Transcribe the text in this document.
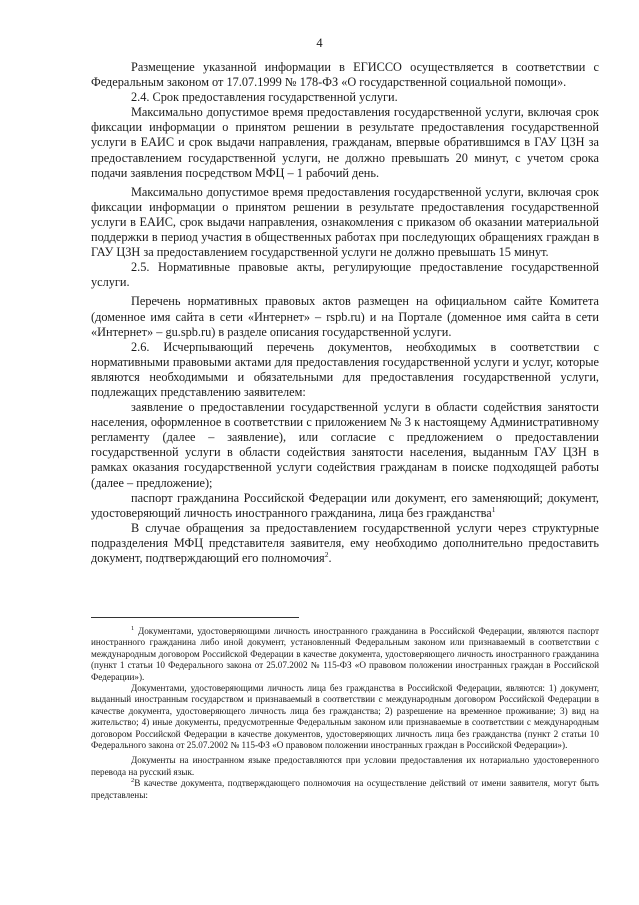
4

Размещение указанной информации в ЕГИССО осуществляется в соответствии с Федеральным законом от 17.07.1999 № 178-ФЗ «О государственной социальной помощи».

2.4. Срок предоставления государственной услуги.

Максимально допустимое время предоставления государственной услуги, включая срок фиксации информации о принятом решении в результате предоставления государственной услуги в ЕАИС и срок выдачи направления, гражданам, впервые обратившимся в ГАУ ЦЗН за предоставлением государственной услуги, не должно превышать 20 минут, с учетом срока подачи заявления посредством МФЦ – 1 рабочий день.

Максимально допустимое время предоставления государственной услуги, включая срок фиксации информации о принятом решении в результате предоставления государственной услуги в ЕАИС, срок выдачи направления, ознакомления с приказом об оказании материальной поддержки в период участия в общественных работах при последующих обращениях граждан в ГАУ ЦЗН за предоставлением государственной услуги не должно превышать 15 минут.

2.5. Нормативные правовые акты, регулирующие предоставление государственной услуги.

Перечень нормативных правовых актов размещен на официальном сайте Комитета (доменное имя сайта в сети «Интернет» – rspb.ru) и на Портале (доменное имя сайта в сети «Интернет» – gu.spb.ru) в разделе описания государственной услуги.

2.6. Исчерпывающий перечень документов, необходимых в соответствии с нормативными правовыми актами для предоставления государственной услуги и услуг, которые являются необходимыми и обязательными для предоставления государственной услуги, подлежащих представлению заявителем:

заявление о предоставлении государственной услуги в области содействия занятости населения, оформленное в соответствии с приложением № 3 к настоящему Административному регламенту (далее – заявление), или согласие с предложением о предоставлении государственной услуги в области содействия занятости населения, выданным ГАУ ЦЗН в рамках оказания государственной услуги содействия гражданам в поиске подходящей работы (далее – предложение);

паспорт гражданина Российской Федерации или документ, его заменяющий; документ, удостоверяющий личность иностранного гражданина, лица без гражданства$^1$

В случае обращения за предоставлением государственной услуги через структурные подразделения МФЦ представителя заявителя, ему необходимо дополнительно предоставить документ, подтверждающий его полномочия$^2$.

$^1$ Документами, удостоверяющими личность иностранного гражданина в Российской Федерации, являются паспорт иностранного гражданина либо иной документ, установленный Федеральным законом или признаваемый в соответствии с международным договором Российской Федерации в качестве документа, удостоверяющего личность иностранного гражданина (пункт 1 статьи 10 Федерального закона от 25.07.2002 № 115-ФЗ «О правовом положении иностранных граждан в Российской Федерации»).

Документами, удостоверяющими личность лица без гражданства в Российской Федерации, являются: 1) документ, выданный иностранным государством и признаваемый в соответствии с международным договором Российской Федерации в качестве документа, удостоверяющего личность лица без гражданства; 2) разрешение на временное проживание; 3) вид на жительство; 4) иные документы, предусмотренные Федеральным законом или признаваемые в соответствии с международным договором Российской Федерации в качестве документов, удостоверяющих личность лица без гражданства (пункт 2 статьи 10 Федерального закона от 25.07.2002 № 115-ФЗ «О правовом положении иностранных граждан в Российской Федерации»).

Документы на иностранном языке предоставляются при условии предоставления их нотариально удостоверенного перевода на русский язык.

$^2$В качестве документа, подтверждающего полномочия на осуществление действий от имени заявителя, могут быть представлены:
